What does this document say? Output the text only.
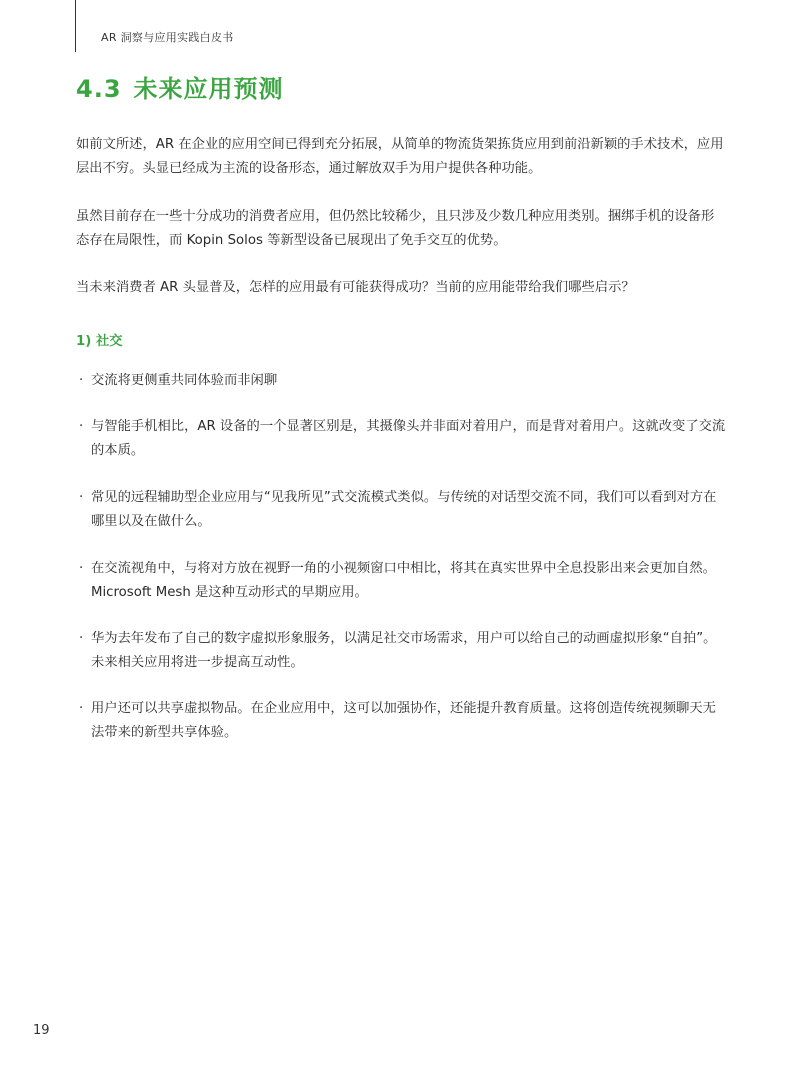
AR 洞察与应用实践白皮书
4.3 未来应用预测
如前文所述，AR 在企业的应用空间已得到充分拓展，从简单的物流货架拣货应用到前沿新颖的手术技术，应用层出不穷。头显已经成为主流的设备形态，通过解放双手为用户提供各种功能。
虽然目前存在一些十分成功的消费者应用，但仍然比较稀少，且只涉及少数几种应用类别。捆绑手机的设备形态存在局限性，而 Kopin Solos 等新型设备已展现出了免手交互的优势。
当未来消费者 AR 头显普及，怎样的应用最有可能获得成功？当前的应用能带给我们哪些启示？
1) 社交
· 交流将更侧重共同体验而非闲聊
· 与智能手机相比，AR 设备的一个显著区别是，其摄像头并非面对着用户，而是背对着用户。这就改变了交流的本质。
· 常见的远程辅助型企业应用与“见我所见”式交流模式类似。与传统的对话型交流不同，我们可以看到对方在哪里以及在做什么。
· 在交流视角中，与将对方放在视野一角的小视频窗口中相比，将其在真实世界中全息投影出来会更加自然。Microsoft Mesh 是这种互动形式的早期应用。
· 华为去年发布了自己的数字虚拟形象服务，以满足社交市场需求，用户可以给自己的动画虚拟形象“自拍”。未来相关应用将进一步提高互动性。
· 用户还可以共享虚拟物品。在企业应用中，这可以加强协作，还能提升教育质量。这将创造传统视频聊天无法带来的新型共享体验。
19
